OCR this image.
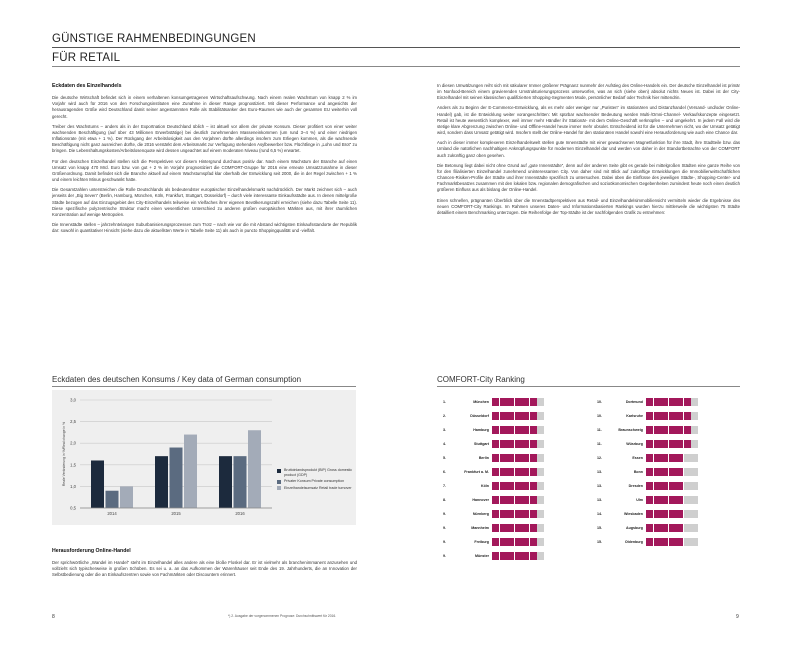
GÜNSTIGE RAHMENBEDINGUNGEN
FÜR RETAIL
Eckdaten des Einzelhandels

Die deutsche Wirtschaft befindet sich in einem verhaltenen konsumgetragenen Wirtschaftsaufschwung. Nach einem realen Wachstum von knapp 2 % im Vorjahr wird auch für 2016 von den Forschungsinstituten eine Zunahme in dieser Range prognostiziert. Mit dieser Performance und angesichts der herausragenden Größe wird Deutschland damit seiner angestammten Rolle als Stabilitätsanker des Euro-Raumes wie auch der gesamten EU weiterhin voll gerecht.

Treiber des Wachstums – anders als in der Exportnation Deutschland üblich – ist aktuell vor allem der private Konsum. Dieser profitiert von einer weiter wachsenden Beschäftigung (auf über 43 Millionen Erwerbstätige) bei deutlich zunehmenden Masseneinkommen (um rund 3–4 %) und einer niedrigen Inflationsrate (mit etwa + 1 %). Der Rückgang der Arbeitslosigkeit aus den Vorjahren dürfte allerdings insofern zum Erliegen kommen, als die wachsende Beschäftigung nicht ganz ausreichen dürfte, die 2016 verstärkt dem Arbeitsmarkt zur Verfügung stehenden Asylbewerber bzw. Flüchtlinge in „Lohn und Brot“ zu bringen. Die Lebenshaltungskosten/Arbeitslosenquote wird dessen ungeachtet auf einem moderaten Niveau (rund 6,5 %) erwartet.

Für den deutschen Einzelhandel stellen sich die Perspektiven vor diesem Hintergrund durchaus positiv dar. Nach einem Wachstum der Branche auf einen Umsatz von knapp 470 Mrd. Euro bzw. von gut + 2 % im Vorjahr prognostiziert die COMFORT-Gruppe für 2016 eine erneute Umsatzzunahme in dieser Größenordnung. Damit befindet sich die Branche aktuell auf einem Wachstumspfad klar oberhalb der Entwicklung seit 2000, die in der Regel zwischen + 1 % und einem leichten Minus geschwankt hatte.

Die Gesamtzahlen unterstreichen die Rolle Deutschlands als bedeutendster europäischer Einzelhandelsmarkt nachdrücklich. Der Markt zeichnet sich – auch jenseits der „Big Seven“ (Berlin, Hamburg, München, Köln, Frankfurt, Stuttgart, Düsseldorf) – durch viele interessante Einkaufsstädte aus. In denen mittelgroße Städte bezogen auf das Einzugsgebiet des City-Einzelhandels teilweise ein Vielfaches ihrer eigenen Bevölkerungszahl erreichen (siehe dazu Tabelle Seite 11). Diese spezifische polyzentrische Struktur macht einen wesentlichen Unterschied zu anderen großen europäischen Märkten aus, mit ihrer räumlichen Konzentration auf wenige Metropolen.

Die Innenstädte stellen – jahrzehntelangen Suburbanisierungsprozessen zum Trotz – nach wie vor die mit Abstand wichtigsten Einkaufsstandorte der Republik dar: sowohl in quantitativer Hinsicht (siehe dazu die aktuellsten Werte in Tabelle Seite 11) als auch in puncto Shoppingqualität und -vielfalt.

Eckdaten des deutschen Konsums / Key data of German consumption
0,5
1,0
1,5
2,0
2,5
3,0
Reale Veränderung in %/Real change in %
2014	2015	2016
Bruttoinlandsprodukt (BIP) Gross domestic product (GDP)
Privater Konsum Private consumption
Einzelhandelsumsatz Retail trade turnover
Herausforderung Online-Handel

Der sprichwörtliche „Wandel im Handel“ steht im Einzelhandel alles andere als eine bloße Floskel dar. Er ist vielmehr als branchenimmanent anzusehen und vollzieht sich typischerweise in großen Schüben. Es sei u. a. an das Aufkommen der Warenhäuser seit Ende des 19. Jahrhunderts, die an Innovation der Selbstbedienung oder die an Einkaufszentren sowie von Fachmärkten oder Discountern erinnert.

8	*) 2. Ausgabe der vorgenommenen Prognose: Durchschnittswert für 2016.

In diesen Umwälzungen reiht sich mit säkularer Immer größerer Prägnanz nunmehr der Aufstieg des Online-Handels ein. Der deutsche Einzelhandel ist primär im Nonfood-Bereich einem gravierenden Umstrukturierungsprozess unterworfen, was an sich (siehe oben) absolut nichts Neues ist. Dabei ist der City-Einzelhandel mit seinen klassischen qualifizierten Shopping-Segmenten Mode, persönlicher Bedarf oder Technik hier mittendrin.

Anders als zu Beginn der E-Commerce-Entwicklung, als es mehr oder weniger nur „Puristen“ im stationären und Distanzhandel (Versand- und/oder Online-Handel) gab, ist die Entwicklung weiter vorangeschritten: Mit spürbar wachsender Bedeutung werden Multi-/Omni-Channel- Verkaufskonzepte eingesetzt. Retail ist heute wesentlich komplexer, weil immer mehr Händler ihr Stationär- mit dem Online-Geschäft verknüpfen – und umgekehrt. In jedem Fall wird die stetige klare Abgrenzung zwischen Online- und Offline-Handel heute immer mehr obsolet. Entscheidend ist für die Unternehmen nicht, wo der Umsatz getätigt wird, sondern dass Umsatz getätigt wird. Insofern stellt der Online-Handel für den stationären Handel sowohl eine Herausforderung wie auch eine Chance dar.

Auch in dieser immer komplexeren Einzelhandelswelt stellen gute Innenstädte mit einer gewachsenen Magnetfunktion für ihre Stadt, ihre Stadtteile bzw. das Umland die natürlichen nachhaltigen Anknüpfungspunkte für modernen Einzelhandel dar und werden von daher in der Standortbetrachte von der COMFORT auch zukünftig ganz oben gesehen.

Die Betonung liegt dabei nicht ohne Grund auf „gute Innenstädte“, denn auf der anderen Seite gibt es gerade bei mittelgroßen Städten eine ganze Reihe von für den filialisierten Einzelhandel zunehmend uninteressanten City. Von daher sind mit Blick auf zukünftige Entwicklungen die Immobilienwirtschaftlichen Chancen-Risiken-Profile der Städte und ihrer Innenstädte spezifisch zu untersuchen. Dabei üben die Einflüsse des jeweiligen Städte-, Shopping-Center- und Fachmarktbesatzes zusammen mit den lokalen bzw. regionalen demografischen und sozioökonomischen Gegebenheiten zumindest heute noch einen deutlich größeren Einfluss aus als bislang der Online-Handel.

Einen schnellen, prägnanten Überblick über die Innenstadtperspektiven aus Retail- und Einzelhandelsimmobiliensicht vermitteln wieder die Ergebnisse des neuen COMFORT-City Rankings. Im Rahmen unseres Daten- und Informationsbasierten Rankings wurden hierzu mittlerweile die wichtigsten 75 Städte detailliert einem Benchmarking unterzogen. Die Reihenfolge der Top-Städte ist der nachfolgenden Grafik zu entnehmen:

COMFORT-City Ranking
1.	München
2.	Düsseldorf
3.	Hamburg
4.	Stuttgart
5.	Berlin
6.	Frankfurt a. M.
7.	Köln
8.	Hannover
9.	Nürnberg
9.	Mannheim
9.	Freiburg
9.	Münster
10.	Dortmund
10.	Karlsruhe
11.	Braunschweig
11.	Würzburg
12.	Essen
13.	Bonn
13.	Dresden
13.	Ulm
14.	Wiesbaden
15.	Augsburg
15.	Oldenburg
9
